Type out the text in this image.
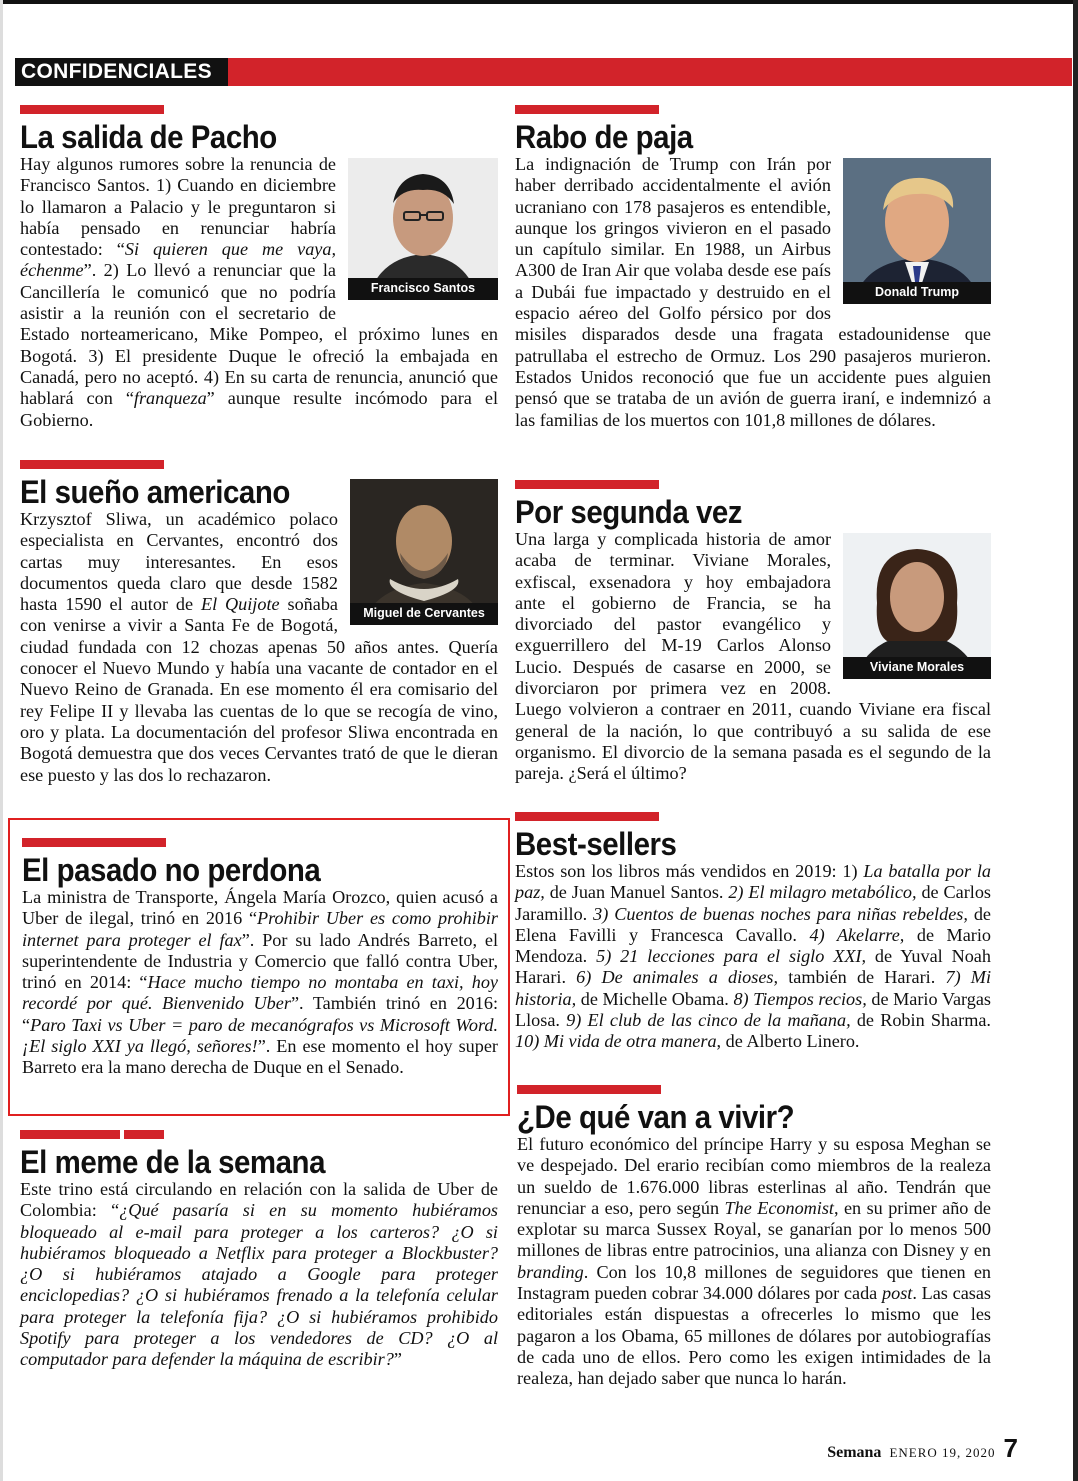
CONFIDENCIALES
La salida de Pacho

Francisco Santos
Hay algunos rumores sobre la renuncia de Francisco Santos. 1) Cuando en diciembre lo llamaron a Palacio y le preguntaron si había pensado en renunciar habría contestado: “Si quieren que me vaya, échenme”. 2) Lo llevó a renunciar que la Cancillería le comunicó que no podría asistir a la reunión con el secretario de Estado norteamericano, Mike Pompeo, el próximo lunes en Bogotá. 3) El presidente Duque le ofreció la embajada en Canadá, pero no aceptó. 4) En su carta de renuncia, anunció que hablará con “franqueza” aunque resulte incómodo para el Gobierno.

Rabo de paja

Donald Trump
La indignación de Trump con Irán por haber derribado accidentalmente el avión ucraniano con 178 pasajeros es entendible, aunque los gringos vivieron en el pasado un capítulo similar. En 1988, un Airbus A300 de Iran Air que volaba desde ese país a Dubái fue impactado y destruido en el espacio aéreo del Golfo pérsico por dos misiles disparados desde una fragata estadounidense que patrullaba el estrecho de Ormuz. Los 290 pasajeros murieron. Estados Unidos reconoció que fue un accidente pues alguien pensó que se trataba de un avión de guerra iraní, e indemnizó a las familias de los muertos con 101,8 millones de dólares.

El sueño americano

Miguel de Cervantes
Krzysztof Sliwa, un académico polaco especialista en Cervantes, encontró dos cartas muy interesantes. En esos documentos queda claro que desde 1582 hasta 1590 el autor de El Quijote soñaba con venirse a vivir a Santa Fe de Bogotá, ciudad fundada con 12 chozas apenas 50 años antes. Quería conocer el Nuevo Mundo y había una vacante de contador en el Nuevo Reino de Granada. En ese momento él era comisario del rey Felipe II y llevaba las cuentas de lo que se recogía de vino, oro y plata. La documentación del profesor Sliwa encontrada en Bogotá demuestra que dos veces Cervantes trató de que le dieran ese puesto y las dos lo rechazaron.

Por segunda vez

Viviane Morales
Una larga y complicada historia de amor acaba de terminar. Viviane Morales, exfiscal, exsenadora y hoy embajadora ante el gobierno de Francia, se ha divorciado del pastor evangélico y exguerrillero del M-19 Carlos Alonso Lucio. Después de casarse en 2000, se divorciaron por primera vez en 2008. Luego volvieron a contraer en 2011, cuando Viviane era fiscal general de la nación, lo que contribuyó a su salida de ese organismo. El divorcio de la semana pasada es el segundo de la pareja. ¿Será el último?

El pasado no perdona

La ministra de Transporte, Ángela María Orozco, quien acusó a Uber de ilegal, trinó en 2016 “Prohibir Uber es como prohibir internet para proteger el fax”. Por su lado Andrés Barreto, el superintendente de Industria y Comercio que falló contra Uber, trinó en 2014: “Hace mucho tiempo no montaba en taxi, hoy recordé por qué. Bienvenido Uber”. También trinó en 2016: “Paro Taxi vs Uber = paro de mecanógrafos vs Microsoft Word. ¡El siglo XXI ya llegó, señores!”. En ese momento el hoy super Barreto era la mano derecha de Duque en el Senado.

Best-sellers

Estos son los libros más vendidos en 2019: 1) La batalla por la paz, de Juan Manuel Santos. 2) El milagro metabólico, de Carlos Jaramillo. 3) Cuentos de buenas noches para niñas rebeldes, de Elena Favilli y Francesca Cavallo. 4) Akelarre, de Mario Mendoza. 5) 21 lecciones para el siglo XXI, de Yuval Noah Harari. 6) De animales a dioses, también de Harari. 7) Mi historia, de Michelle Obama. 8) Tiempos recios, de Mario Vargas Llosa. 9) El club de las cinco de la mañana, de Robin Sharma. 10) Mi vida de otra manera, de Alberto Linero.

El meme de la semana

Este trino está circulando en relación con la salida de Uber de Colombia: “¿Qué pasaría si en su momento hubiéramos bloqueado al e-mail para proteger a los carteros? ¿O si hubiéramos bloqueado a Netflix para proteger a Blockbuster? ¿O si hubiéramos atajado a Google para proteger enciclopedias? ¿O si hubiéramos frenado a la telefonía celular para proteger la telefonía fija? ¿O si hubiéramos prohibido Spotify para proteger a los vendedores de CD? ¿O al computador para defender la máquina de escribir?”

¿De qué van a vivir?

El futuro económico del príncipe Harry y su esposa Meghan se ve despejado. Del erario recibían como miembros de la realeza un sueldo de 1.676.000 libras esterlinas al año. Tendrán que renunciar a eso, pero según The Economist, en su primer año de explotar su marca Sussex Royal, se ganarían por lo menos 500 millones de libras entre patrocinios, una alianza con Disney y en branding. Con los 10,8 millones de seguidores que tienen en Instagram pueden cobrar 34.000 dólares por cada post. Las casas editoriales están dispuestas a ofrecerles lo mismo que les pagaron a los Obama, 65 millones de dólares por autobiografías de cada uno de ellos. Pero como les exigen intimidades de la realeza, han dejado saber que nunca lo harán.

Semana ENERO 19, 2020 7
